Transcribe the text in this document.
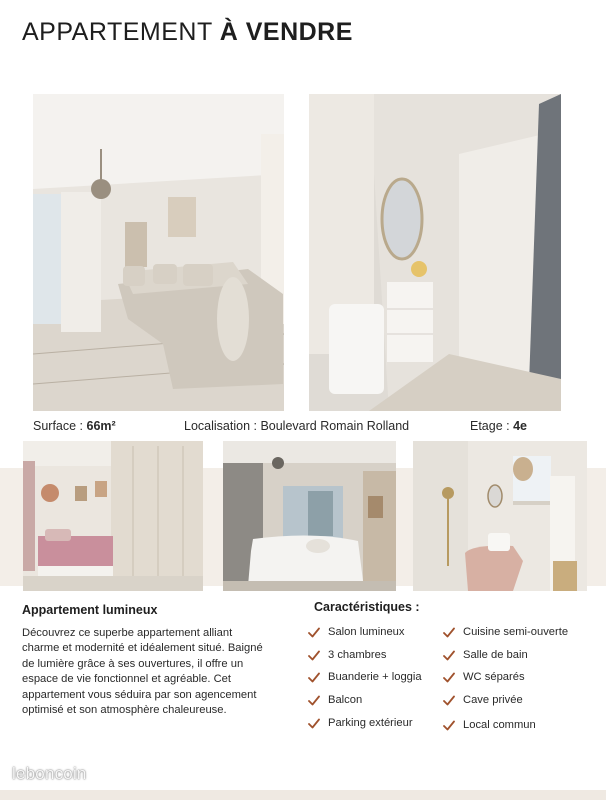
APPARTEMENT À VENDRE
Surface : 66m²	Localisation : Boulevard Romain Rolland	Etage : 4e
Appartement lumineux
Découvrez ce superbe appartement alliant charme et modernité et idéalement situé. Baigné de lumière grâce à ses ouvertures, il offre un espace de vie fonctionnel et agréable. Cet appartement vous séduira par son agencement optimisé et son atmosphère chaleureuse.
Caractéristiques :
Salon lumineux
3 chambres
Buanderie + loggia
Balcon
Parking extérieur
Cuisine semi-ouverte
Salle de bain
WC séparés
Cave privée
Local commun
leboncoin
